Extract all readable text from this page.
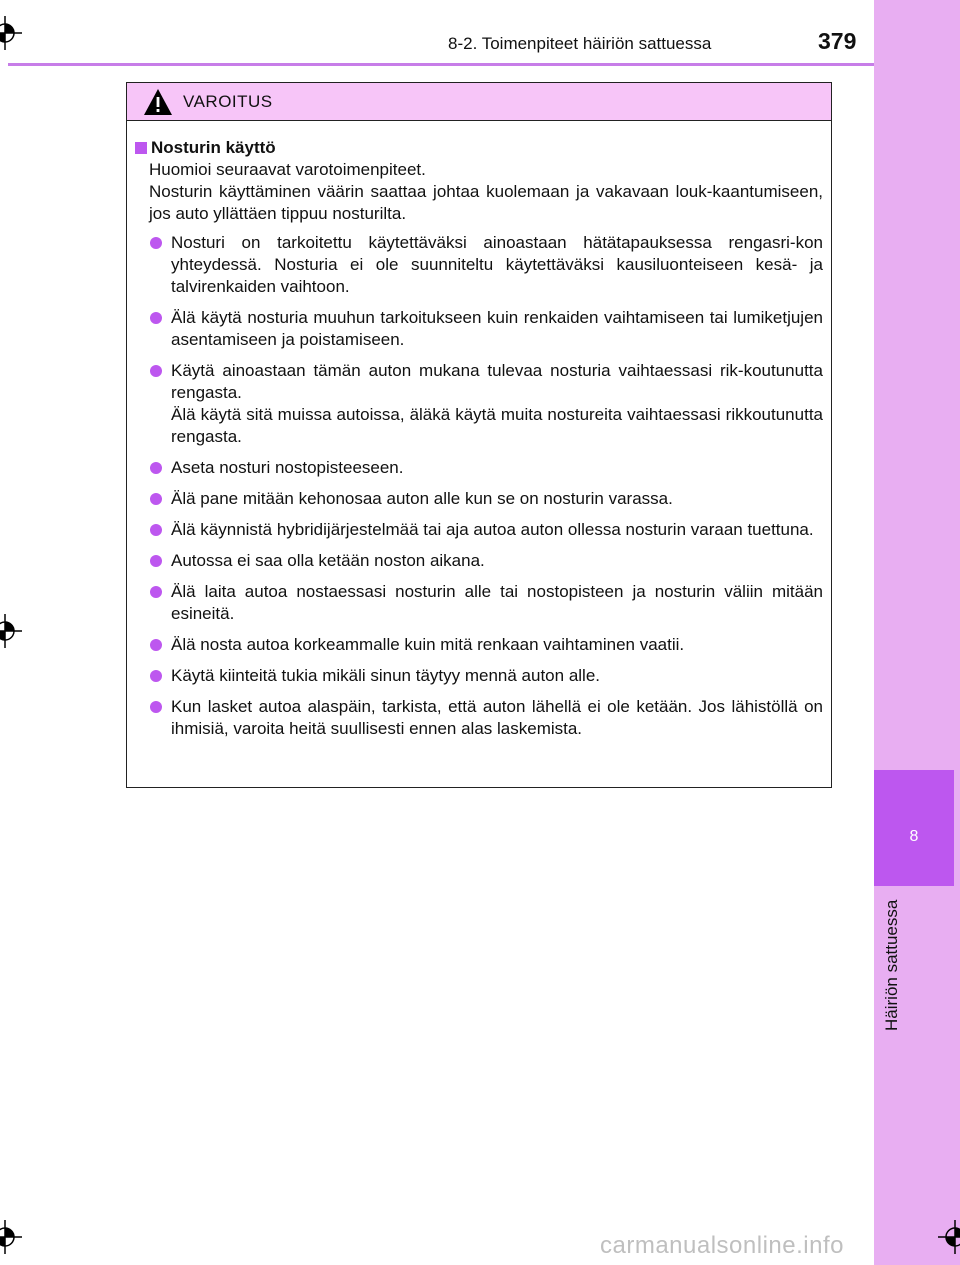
8
Häiriön sattuessa
8-2. Toimenpiteet häiriön sattuessa	379
VAROITUS
Nosturin käyttö

Huomioi seuraavat varotoimenpiteet.

Nosturin käyttäminen väärin saattaa johtaa kuolemaan ja vakavaan louk-kaantumiseen, jos auto yllättäen tippuu nosturilta.

Nosturi on tarkoitettu käytettäväksi ainoastaan hätätapauksessa rengasri-kon yhteydessä. Nosturia ei ole suunniteltu käytettäväksi kausiluonteiseen kesä- ja talvirenkaiden vaihtoon.
Älä käytä nosturia muuhun tarkoitukseen kuin renkaiden vaihtamiseen tai lumiketjujen asentamiseen ja poistamiseen.
Käytä ainoastaan tämän auton mukana tulevaa nosturia vaihtaessasi rik-koutunutta rengasta.
Älä käytä sitä muissa autoissa, äläkä käytä muita nostureita vaihtaessasi rikkoutunutta rengasta.
Aseta nosturi nostopisteeseen.
Älä pane mitään kehonosaa auton alle kun se on nosturin varassa.
Älä käynnistä hybridijärjestelmää tai aja autoa auton ollessa nosturin varaan tuettuna.
Autossa ei saa olla ketään noston aikana.
Älä laita autoa nostaessasi nosturin alle tai nostopisteen ja nosturin väliin mitään esineitä.
Älä nosta autoa korkeammalle kuin mitä renkaan vaihtaminen vaatii.
Käytä kiinteitä tukia mikäli sinun täytyy mennä auton alle.
Kun lasket autoa alaspäin, tarkista, että auton lähellä ei ole ketään. Jos lähistöllä on ihmisiä, varoita heitä suullisesti ennen alas laskemista.
carmanualsonline.info
